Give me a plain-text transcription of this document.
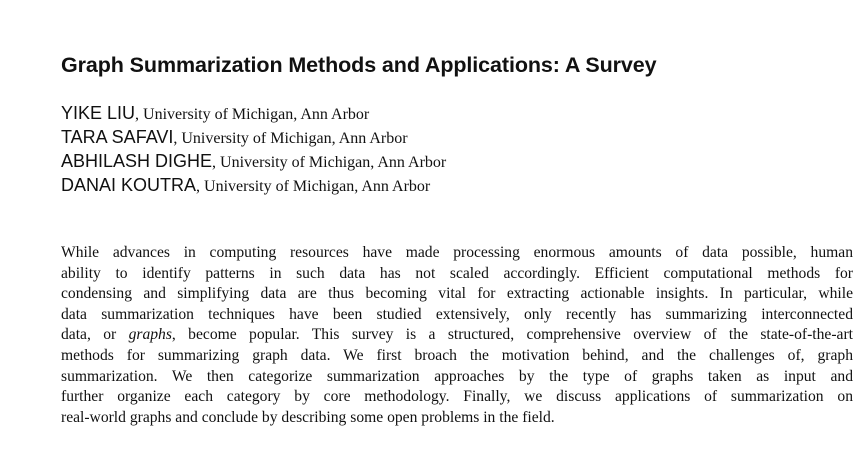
Graph Summarization Methods and Applications: A Survey
YIKE LIU, University of Michigan, Ann Arbor
TARA SAFAVI, University of Michigan, Ann Arbor
ABHILASH DIGHE, University of Michigan, Ann Arbor
DANAI KOUTRA, University of Michigan, Ann Arbor
While advances in computing resources have made processing enormous amounts of data possible, human
ability to identify patterns in such data has not scaled accordingly. Efficient computational methods for
condensing and simplifying data are thus becoming vital for extracting actionable insights. In particular, while
data summarization techniques have been studied extensively, only recently has summarizing interconnected
data, or graphs, become popular. This survey is a structured, comprehensive overview of the state-of-the-art
methods for summarizing graph data. We first broach the motivation behind, and the challenges of, graph
summarization. We then categorize summarization approaches by the type of graphs taken as input and
further organize each category by core methodology. Finally, we discuss applications of summarization on
real-world graphs and conclude by describing some open problems in the field.
